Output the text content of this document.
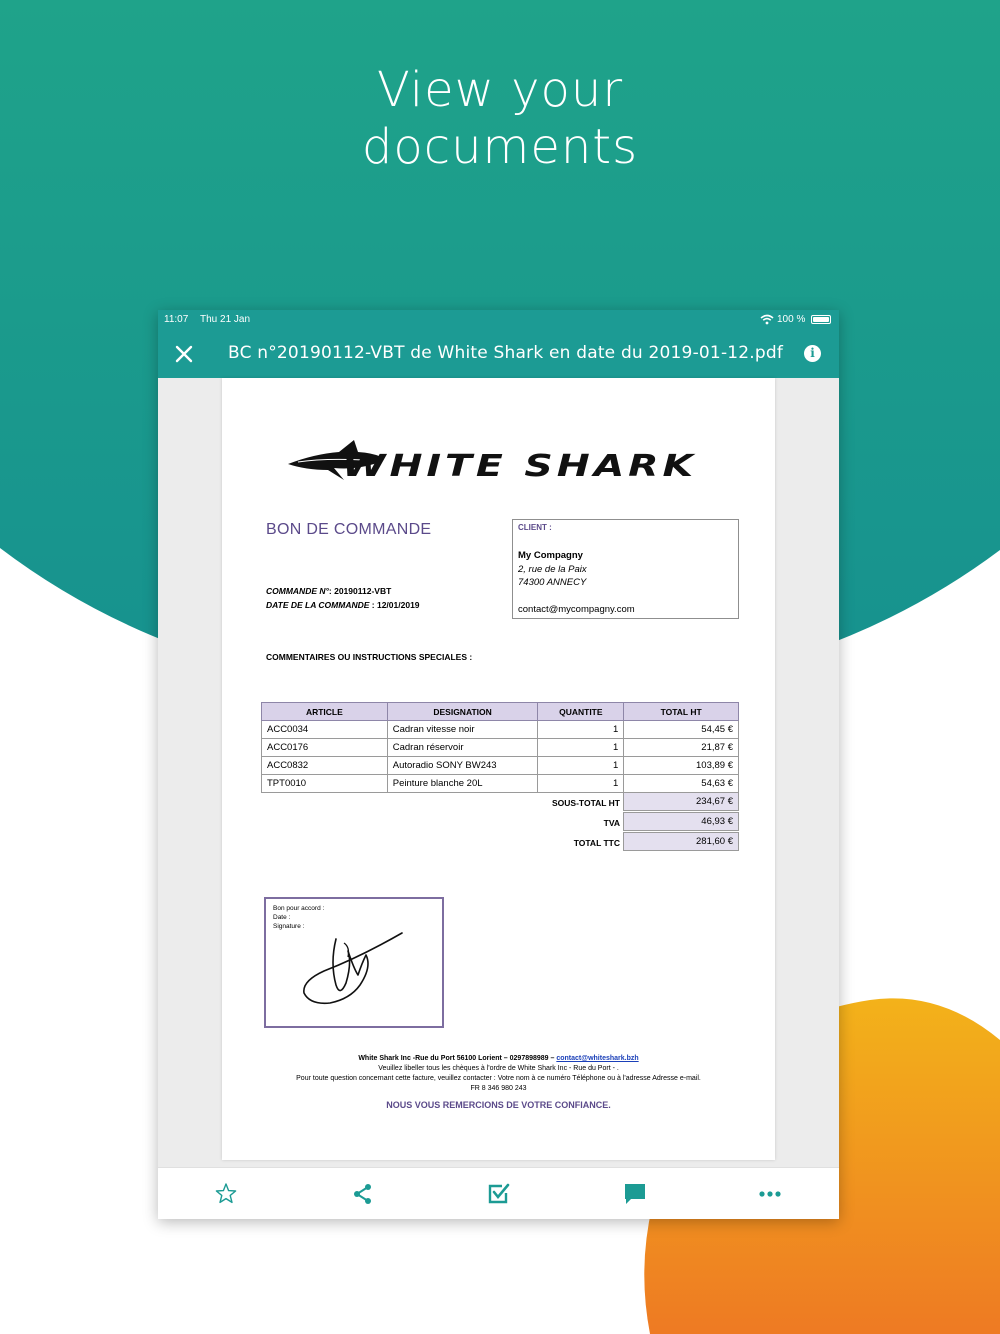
View your
documents
11:07 Thu 21 Jan	100 %
BC n°20190112-VBT de White Shark en date du 2019-01-12.pdf	i
WHITE SHARK
BON DE COMMANDE	CLIENT :
My Compagny
2, rue de la Paix
74300 ANNECY
contact@mycompagny.com
COMMANDE N°: 20190112-VBT
DATE DE LA COMMANDE : 12/01/2019
COMMENTAIRES OU INSTRUCTIONS SPECIALES :
ARTICLE	DESIGNATION	QUANTITE	TOTAL HT
ACC0034	Cadran vitesse noir	1	54,45 €
ACC0176	Cadran réservoir	1	21,87 €
ACC0832	Autoradio SONY BW243	1	103,89 €
TPT0010	Peinture blanche 20L	1	54,63 €
SOUS-TOTAL HT	234,67 €
TVA	46,93 €
TOTAL TTC	281,60 €
Bon pour accord :
Date :
Signature :
White Shark Inc -Rue du Port 56100 Lorient – 0297898989 – contact@whiteshark.bzh
Veuillez libeller tous les chèques à l'ordre de White Shark Inc - Rue du Port - .
Pour toute question concernant cette facture, veuillez contacter : Votre nom à ce numéro Téléphone ou à l'adresse Adresse e-mail.
FR 8 346 980 243
NOUS VOUS REMERCIONS DE VOTRE CONFIANCE.
